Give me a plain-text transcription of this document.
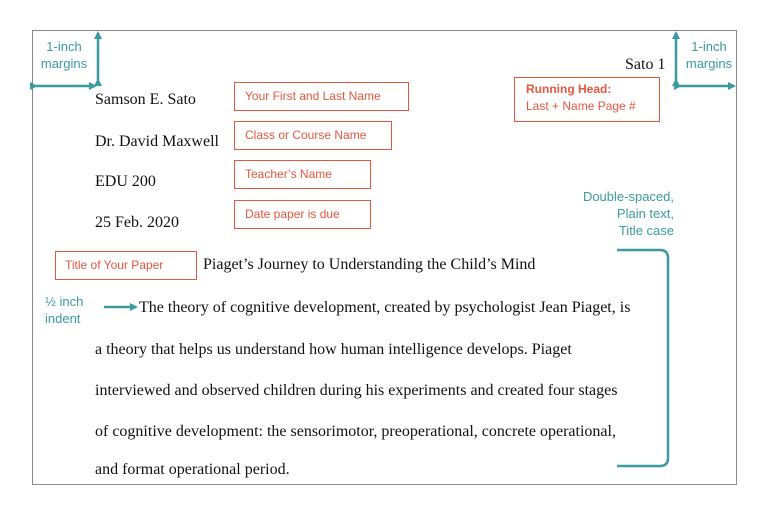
Sato 1
Samson E. Sato
Dr. David Maxwell
EDU 200
25 Feb. 2020
Piaget’s Journey to Understanding the Child’s Mind
The theory of cognitive development, created by psychologist Jean Piaget, is
a theory that helps us understand how human intelligence develops. Piaget
interviewed and observed children during his experiments and created four stages
of cognitive development: the sensorimotor, preoperational, concrete operational,
and format operational period.
Your First and Last Name
Class or Course Name
Teacher’s Name
Date paper is due
Title of Your Paper
Running Head:
Last + Name Page #
1-inch
margins
1-inch
margins
Double-spaced,
Plain text,
Title case
½ inch
indent
